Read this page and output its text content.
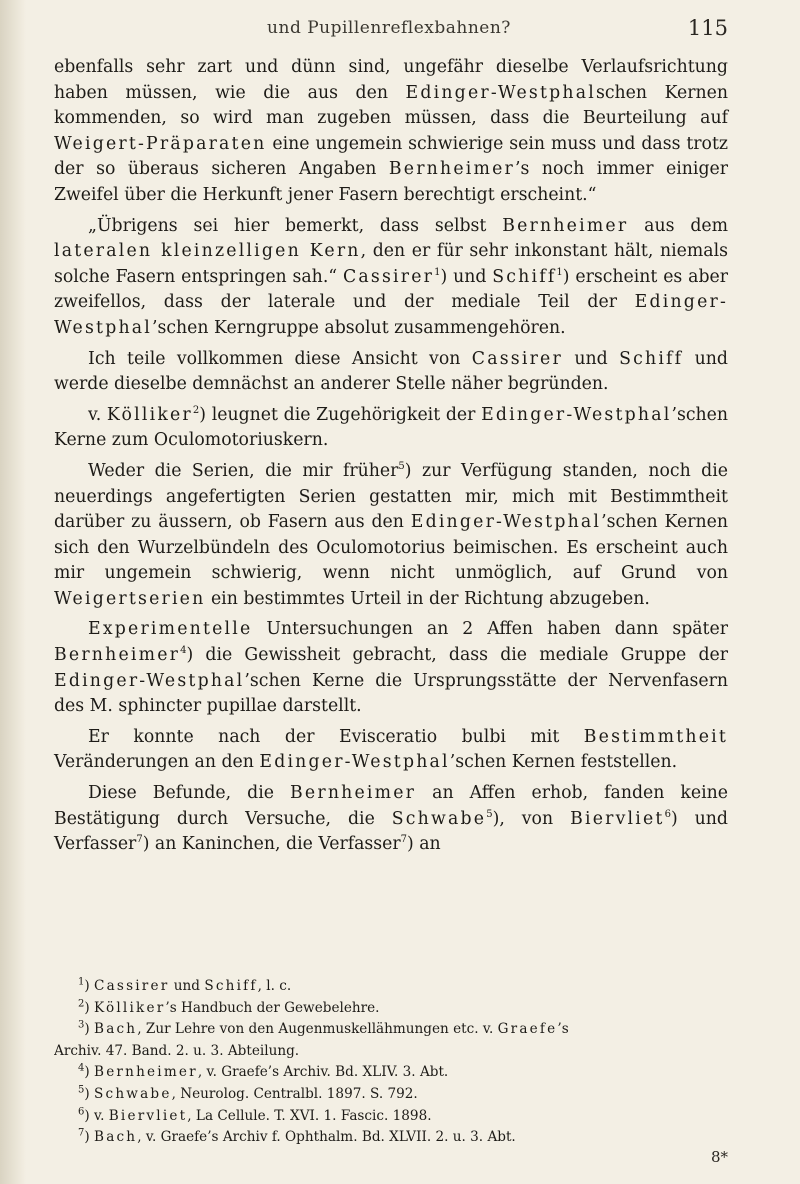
und Pupillenreflexbahnen?	115

ebenfalls sehr zart und dünn sind, ungefähr dieselbe Verlaufsrichtung haben müssen, wie die aus den Edinger-Westphalschen Kernen kommenden, so wird man zugeben müssen, dass die Beurteilung auf Weigert-Präparaten eine ungemein schwierige sein muss und dass trotz der so überaus sicheren Angaben Bernheimer’s noch immer einiger Zweifel über die Herkunft jener Fasern berechtigt erscheint.“

„Übrigens sei hier bemerkt, dass selbst Bernheimer aus dem lateralen kleinzelligen Kern, den er für sehr inkonstant hält, niemals solche Fasern entspringen sah.“ Cassirer$^1$) und Schiff$^1$) erscheint es aber zweifellos, dass der laterale und der mediale Teil der Edinger-Westphal’schen Kerngruppe absolut zusammengehören.

Ich teile vollkommen diese Ansicht von Cassirer und Schiff und werde dieselbe demnächst an anderer Stelle näher begründen.

v. Kölliker$^2$) leugnet die Zugehörigkeit der Edinger-Westphal’schen Kerne zum Oculomotoriuskern.

Weder die Serien, die mir früher$^5$) zur Verfügung standen, noch die neuerdings angefertigten Serien gestatten mir, mich mit Bestimmtheit darüber zu äussern, ob Fasern aus den Edinger-Westphal’schen Kernen sich den Wurzelbündeln des Oculomotorius beimischen. Es erscheint auch mir ungemein schwierig, wenn nicht unmöglich, auf Grund von Weigertserien ein bestimmtes Urteil in der Richtung abzugeben.

Experimentelle Untersuchungen an 2 Affen haben dann später Bernheimer$^4$) die Gewissheit gebracht, dass die mediale Gruppe der Edinger-Westphal’schen Kerne die Ursprungsstätte der Nervenfasern des M. sphincter pupillae darstellt.

Er konnte nach der Evisceratio bulbi mit Bestimmtheit Veränderungen an den Edinger-Westphal’schen Kernen feststellen.

Diese Befunde, die Bernheimer an Affen erhob, fanden keine Bestätigung durch Versuche, die Schwabe$^5$), von Biervliet$^6$) und Verfasser$^7$) an Kaninchen, die Verfasser$^7$) an

$^1$) Cassirer und Schiff, l. c.
$^2$) Kölliker’s Handbuch der Gewebelehre.
$^3$) Bach, Zur Lehre von den Augenmuskellähmungen etc. v. Graefe’s
Archiv. 47. Band. 2. u. 3. Abteilung.
$^4$) Bernheimer, v. Graefe’s Archiv. Bd. XLIV. 3. Abt.
$^5$) Schwabe, Neurolog. Centralbl. 1897. S. 792.
$^6$) v. Biervliet, La Cellule. T. XVI. 1. Fascic. 1898.
$^7$) Bach, v. Graefe’s Archiv f. Ophthalm. Bd. XLVII. 2. u. 3. Abt.
8*
